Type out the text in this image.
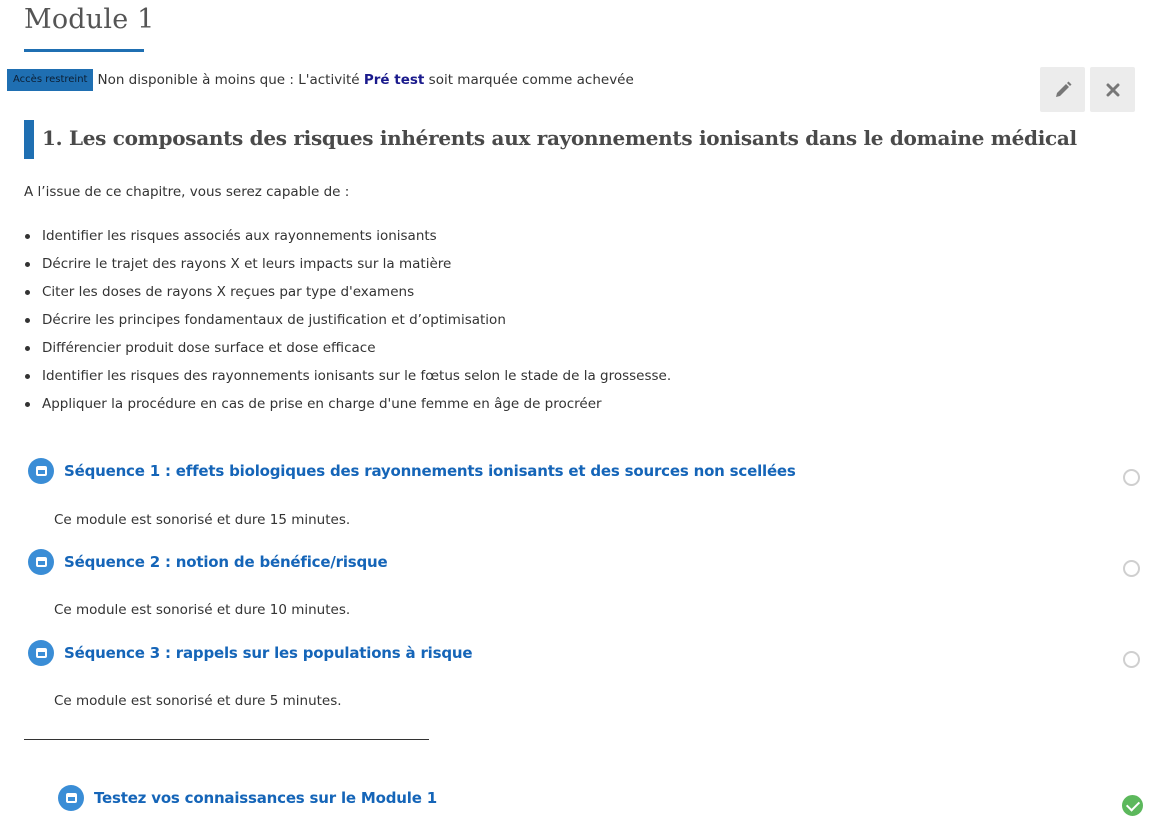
Module 1
Accès restreint Non disponible à moins que : L'activité Pré test soit marquée comme achevée
1. Les composants des risques inhérents aux rayonnements ionisants dans le domaine médical

A l’issue de ce chapitre, vous serez capable de :

Identifier les risques associés aux rayonnements ionisants
Décrire le trajet des rayons X et leurs impacts sur la matière
Citer les doses de rayons X reçues par type d'examens
Décrire les principes fondamentaux de justification et d’optimisation
Différencier produit dose surface et dose efficace
Identifier les risques des rayonnements ionisants sur le fœtus selon le stade de la grossesse.
Appliquer la procédure en cas de prise en charge d'une femme en âge de procréer
Séquence 1 : effets biologiques des rayonnements ionisants et des sources non scellées
Ce module est sonorisé et dure 15 minutes.
Séquence 2 : notion de bénéfice/risque
Ce module est sonorisé et dure 10 minutes.
Séquence 3 : rappels sur les populations à risque
Ce module est sonorisé et dure 5 minutes.
Testez vos connaissances sur le Module 1
